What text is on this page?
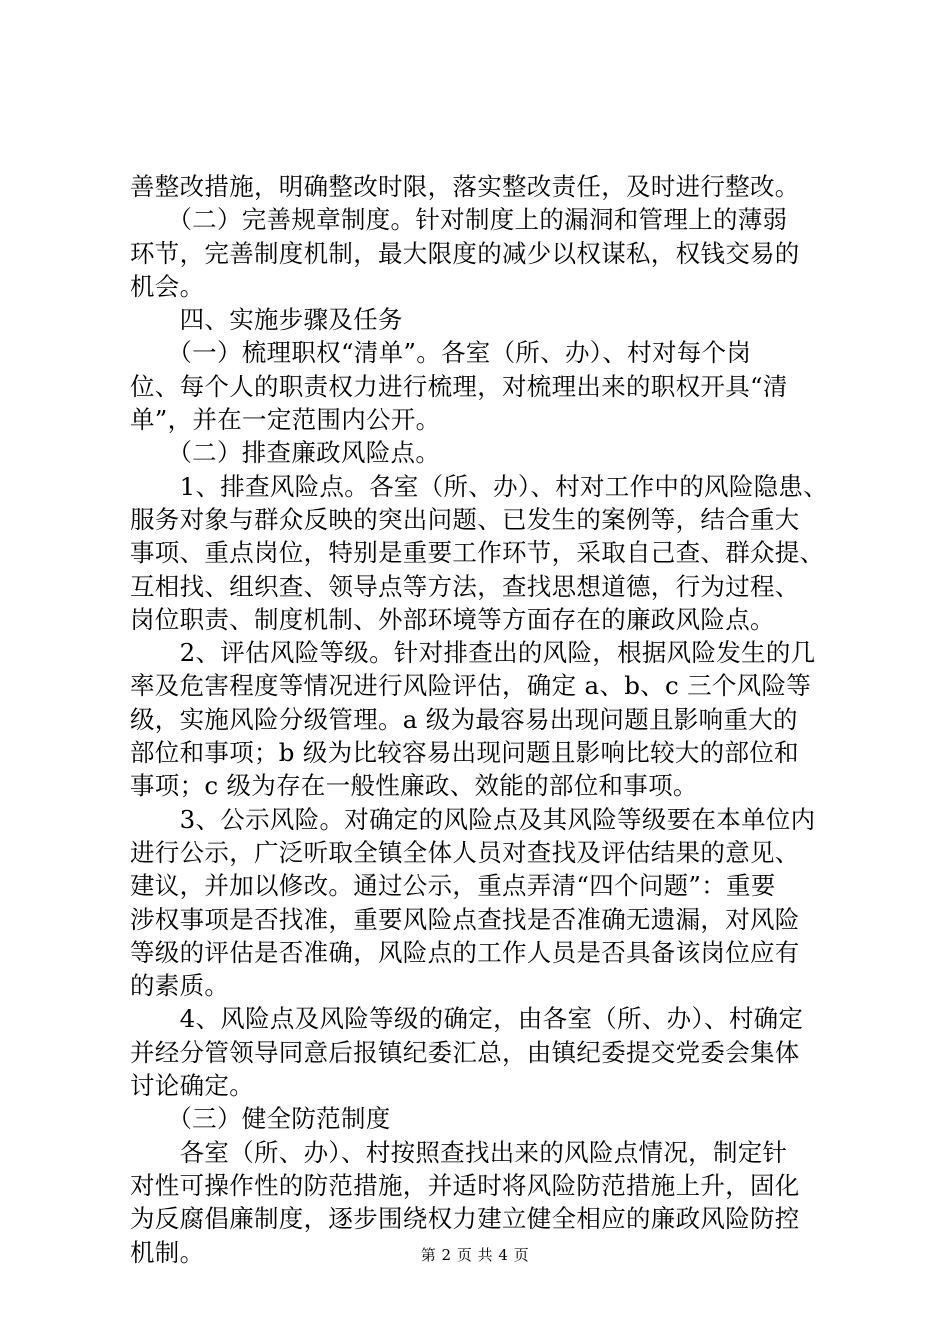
善整改措施，明确整改时限，落实整改责任，及时进行整改。
　　（二）完善规章制度。针对制度上的漏洞和管理上的薄弱
环节，完善制度机制，最大限度的减少以权谋私，权钱交易的
机会。
　　四、实施步骤及任务
　　（一）梳理职权“清单”。各室（所、办）、村对每个岗
位、每个人的职责权力进行梳理，对梳理出来的职权开具“清
单”，并在一定范围内公开。
　　（二）排查廉政风险点。
　　1、排查风险点。各室（所、办）、村对工作中的风险隐患、
服务对象与群众反映的突出问题、已发生的案例等，结合重大
事项、重点岗位，特别是重要工作环节，采取自己查、群众提、
互相找、组织查、领导点等方法，查找思想道德，行为过程、
岗位职责、制度机制、外部环境等方面存在的廉政风险点。
　　2、评估风险等级。针对排查出的风险，根据风险发生的几
率及危害程度等情况进行风险评估，确定 a、b、c 三个风险等
级，实施风险分级管理。a 级为最容易出现问题且影响重大的
部位和事项；b 级为比较容易出现问题且影响比较大的部位和
事项；c 级为存在一般性廉政、效能的部位和事项。
　　3、公示风险。对确定的风险点及其风险等级要在本单位内
进行公示，广泛听取全镇全体人员对查找及评估结果的意见、
建议，并加以修改。通过公示，重点弄清“四个问题”：重要
涉权事项是否找准，重要风险点查找是否准确无遗漏，对风险
等级的评估是否准确，风险点的工作人员是否具备该岗位应有
的素质。
　　4、风险点及风险等级的确定，由各室（所、办）、村确定
并经分管领导同意后报镇纪委汇总，由镇纪委提交党委会集体
讨论确定。
　　（三）健全防范制度
　　各室（所、办）、村按照查找出来的风险点情况，制定针
对性可操作性的防范措施，并适时将风险防范措施上升，固化
为反腐倡廉制度，逐步围绕权力建立健全相应的廉政风险防控
机制。	第 2 页 共 4 页
